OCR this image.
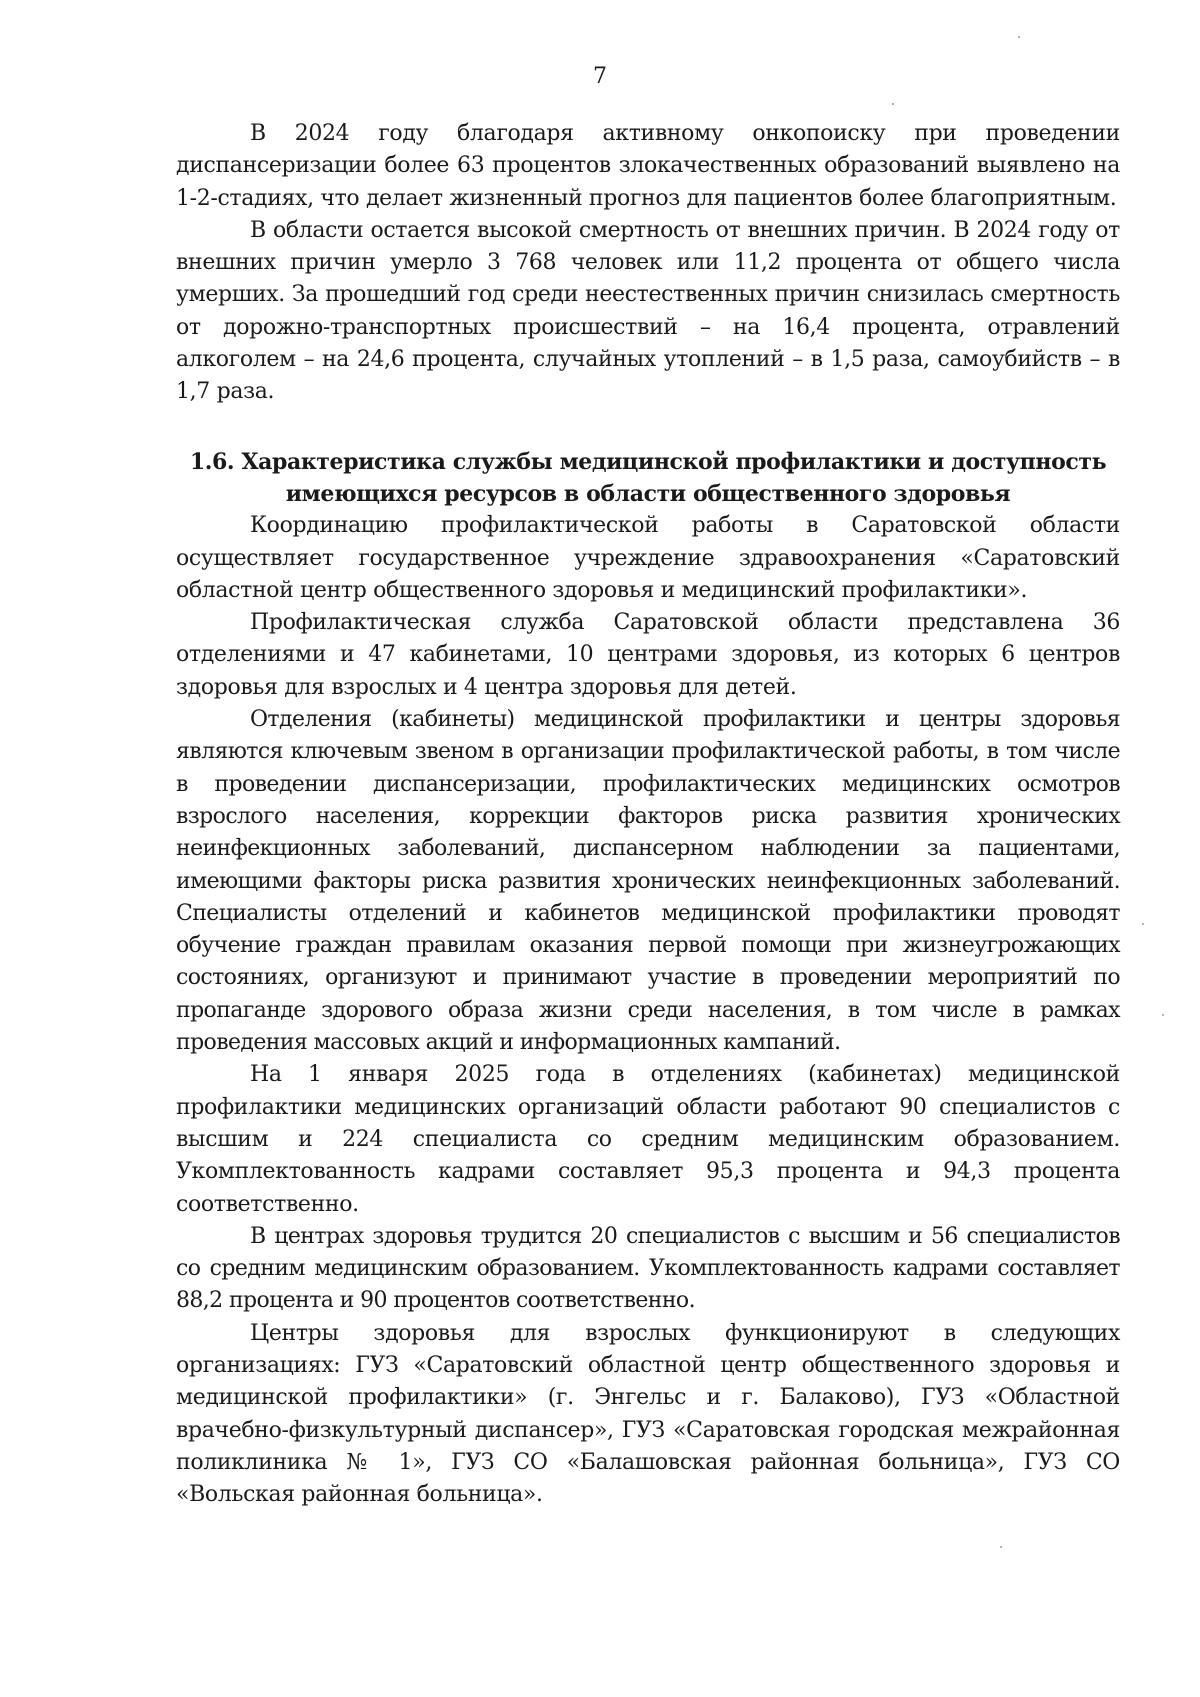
7

В 2024 году благодаря активному онкопоиску при проведении диспансеризации более 63 процентов злокачественных образований выявлено на 1-2-стадиях, что делает жизненный прогноз для пациентов более благоприятным.

В области остается высокой смертность от внешних причин. В 2024 году от внешних причин умерло 3 768 человек или 11,2 процента от общего числа умерших. За прошедший год среди неестественных причин снизилась смертность от дорожно-транспортных происшествий – на 16,4 процента, отравлений алкоголем – на 24,6 процента, случайных утоплений – в 1,5 раза, самоубийств – в 1,7 раза.

1.6. Характеристика службы медицинской профилактики и доступность
имеющихся ресурсов в области общественного здоровья

Координацию профилактической работы в Саратовской области осуществляет государственное учреждение здравоохранения «Саратовский областной центр общественного здоровья и медицинский профилактики».

Профилактическая служба Саратовской области представлена 36 отделениями и 47 кабинетами, 10 центрами здоровья, из которых 6 центров здоровья для взрослых и 4 центра здоровья для детей.

Отделения (кабинеты) медицинской профилактики и центры здоровья являются ключевым звеном в организации профилактической работы, в том числе в проведении диспансеризации, профилактических медицинских осмотров взрослого населения, коррекции факторов риска развития хронических неинфекционных заболеваний, диспансерном наблюдении за пациентами, имеющими факторы риска развития хронических неинфекционных заболеваний. Специалисты отделений и кабинетов медицинской профилактики проводят обучение граждан правилам оказания первой помощи при жизнеугрожающих состояниях, организуют и принимают участие в проведении мероприятий по пропаганде здорового образа жизни среди населения, в том числе в рамках проведения массовых акций и информационных кампаний.

На 1 января 2025 года в отделениях (кабинетах) медицинской профилактики медицинских организаций области работают 90 специалистов с высшим и 224 специалиста со средним медицинским образованием. Укомплектованность кадрами составляет 95,3 процента и 94,3 процента соответственно.

В центрах здоровья трудится 20 специалистов с высшим и 56 специалистов со средним медицинским образованием. Укомплектованность кадрами составляет 88,2 процента и 90 процентов соответственно.

Центры здоровья для взрослых функционируют в следующих организациях: ГУЗ «Саратовский областной центр общественного здоровья и медицинской профилактики» (г. Энгельс и г. Балаково), ГУЗ «Областной врачебно-физкультурный диспансер», ГУЗ «Саратовская городская межрайонная поликлиника № 1», ГУЗ СО «Балашовская районная больница», ГУЗ СО «Вольская районная больница».
